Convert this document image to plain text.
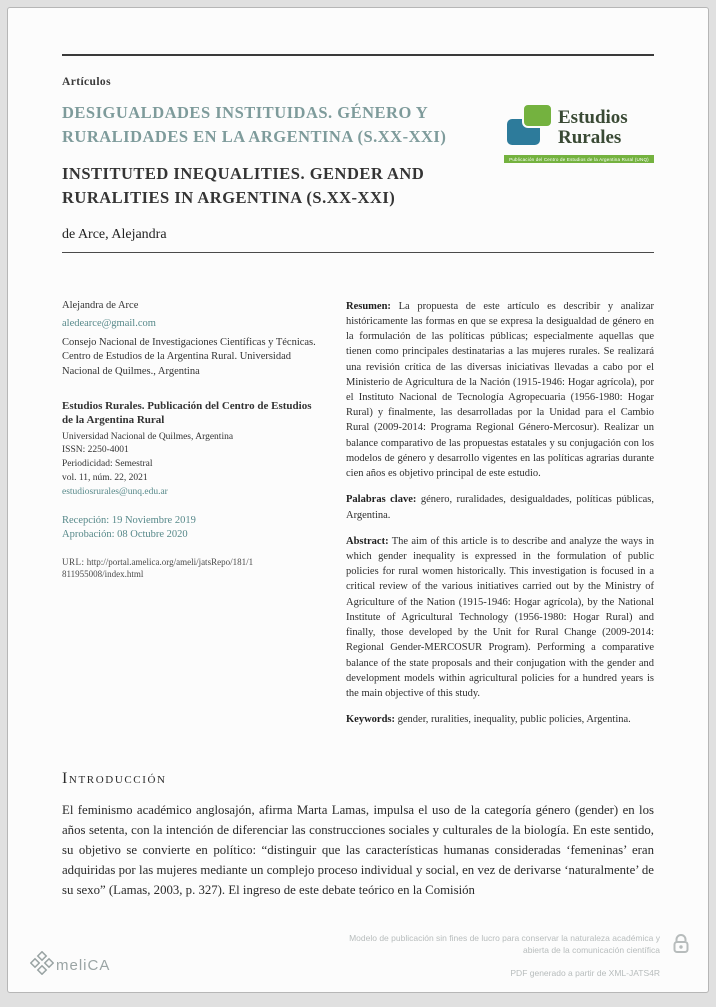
Artículos
DESIGUALDADES INSTITUIDAS. GÉNERO Y RURALIDADES EN LA ARGENTINA (S.XX-XXI)
INSTITUTED INEQUALITIES. GENDER AND RURALITIES IN ARGENTINA (S.XX-XXI)
Estudios
Rurales
Publicación del Centro de Estudios de la Argentina Rural (UNQ)
de Arce, Alejandra
Alejandra de Arce
aledearce@gmail.com
Consejo Nacional de Investigaciones Científicas y Técnicas. Centro de Estudios de la Argentina Rural. Universidad Nacional de Quilmes., Argentina
Estudios Rurales. Publicación del Centro de Estudios de la Argentina Rural
Universidad Nacional de Quilmes, Argentina
ISSN: 2250-4001
Periodicidad: Semestral
vol. 11, núm. 22, 2021
estudiosrurales@unq.edu.ar
Recepción: 19 Noviembre 2019
Aprobación: 08 Octubre 2020
URL: http://portal.amelica.org/ameli/jatsRepo/181/1811955008/index.html

Resumen: La propuesta de este artículo es describir y analizar históricamente las formas en que se expresa la desigualdad de género en la formulación de las políticas públicas; especialmente aquellas que tienen como principales destinatarias a las mujeres rurales. Se realizará una revisión crítica de las diversas iniciativas llevadas a cabo por el Ministerio de Agricultura de la Nación (1915-1946: Hogar agrícola), por el Instituto Nacional de Tecnología Agropecuaria (1956-1980: Hogar Rural) y finalmente, las desarrolladas por la Unidad para el Cambio Rural (2009-2014: Programa Regional Género-Mercosur). Realizar un balance comparativo de las propuestas estatales y su conjugación con los modelos de género y desarrollo vigentes en las políticas agrarias durante cien años es objetivo principal de este estudio.

Palabras clave: género, ruralidades, desigualdades, políticas públicas, Argentina.

Abstract: The aim of this article is to describe and analyze the ways in which gender inequality is expressed in the formulation of public policies for rural women historically. This investigation is focused in a critical review of the various initiatives carried out by the Ministry of Agriculture of the Nation (1915-1946: Hogar agrícola), by the National Institute of Agricultural Technology (1956-1980: Hogar Rural) and finally, those developed by the Unit for Rural Change (2009-2014: Regional Gender-MERCOSUR Program). Performing a comparative balance of the state proposals and their conjugation with the gender and development models within agricultural policies for a hundred years is the main objective of this study.

Keywords: gender, ruralities, inequality, public policies, Argentina.

Introducción
El feminismo académico anglosajón, afirma Marta Lamas, impulsa el uso de la categoría género (gender) en los años setenta, con la intención de diferenciar las construcciones sociales y culturales de la biología. En este sentido, su objetivo se convierte en político: “distinguir que las características humanas consideradas ‘femeninas’ eran adquiridas por las mujeres mediante un complejo proceso individual y social, en vez de derivarse ‘naturalmente’ de su sexo” (Lamas, 2003, p. 327). El ingreso de este debate teórico en la Comisión
meliCA
Modelo de publicación sin fines de lucro para conservar la naturaleza académica y
abierta de la comunicación científica
PDF generado a partir de XML-JATS4R
